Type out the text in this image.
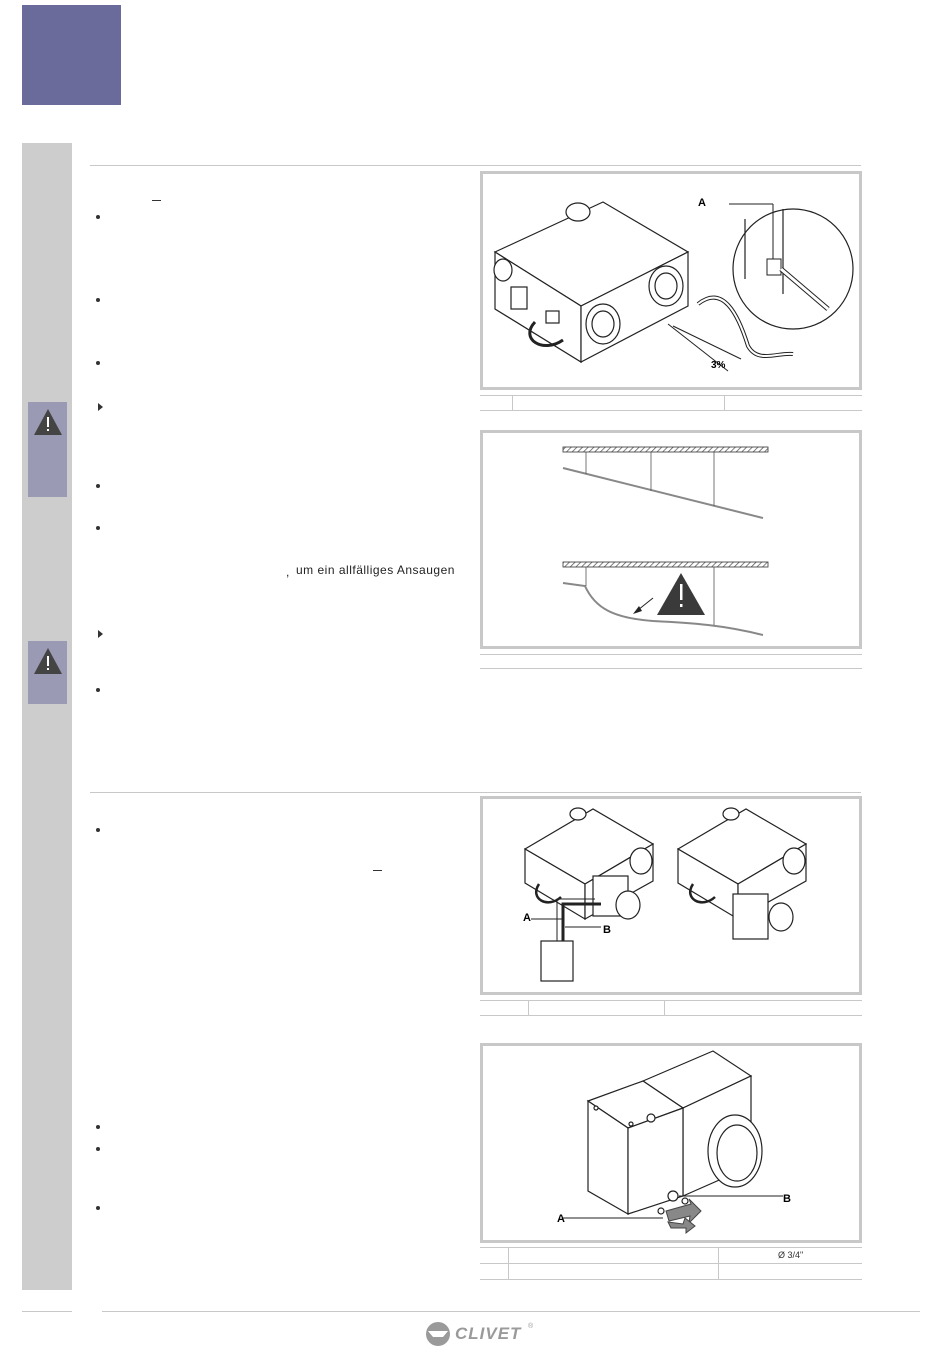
, um ein allfälliges Ansaugen
A
3%
A
B
A
B
Ø 3/4"
CLIVET ®
